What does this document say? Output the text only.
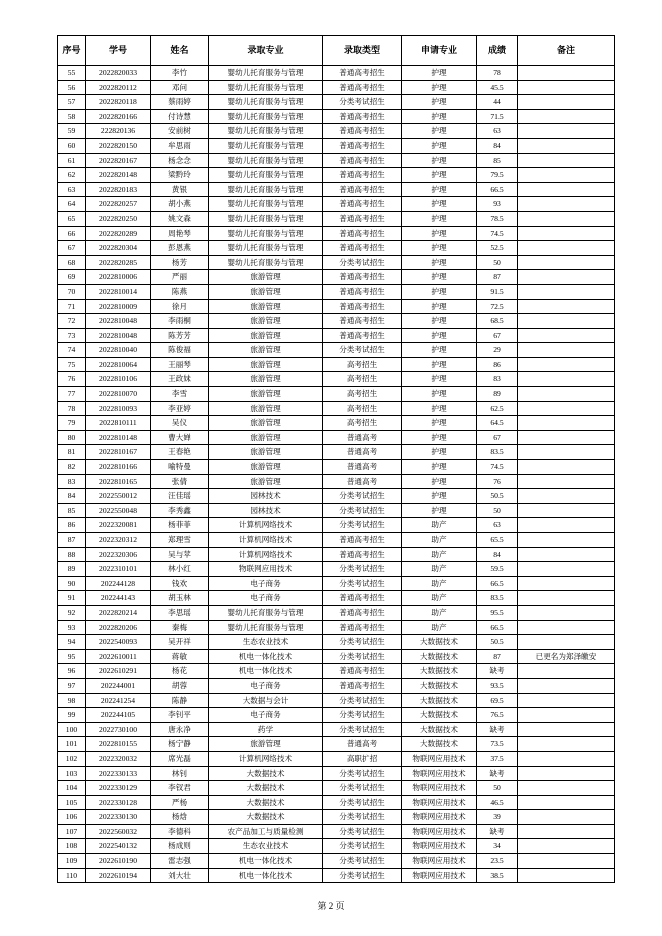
序号	学号	姓名	录取专业	录取类型	申请专业	成绩	备注
55	2022820033	李竹	婴幼儿托育服务与管理	普通高考招生	护理	78	
56	2022820112	邓问	婴幼儿托育服务与管理	普通高考招生	护理	45.5	
57	2022820118	蔡雨婷	婴幼儿托育服务与管理	分类考试招生	护理	44	
58	2022820166	付诗慧	婴幼儿托育服务与管理	普通高考招生	护理	71.5	
59	222820136	安前树	婴幼儿托育服务与管理	普通高考招生	护理	63	
60	2022820150	牟思雨	婴幼儿托育服务与管理	普通高考招生	护理	84	
61	2022820167	杨念念	婴幼儿托育服务与管理	普通高考招生	护理	85	
62	2022820148	梁黔玲	婴幼儿托育服务与管理	普通高考招生	护理	79.5	
63	2022820183	黄银	婴幼儿托育服务与管理	普通高考招生	护理	66.5	
64	2022820257	胡小燕	婴幼儿托育服务与管理	普通高考招生	护理	93	
65	2022820250	姚文森	婴幼儿托育服务与管理	普通高考招生	护理	78.5	
66	2022820289	周艳琴	婴幼儿托育服务与管理	普通高考招生	护理	74.5	
67	2022820304	彭恩燕	婴幼儿托育服务与管理	普通高考招生	护理	52.5	
68	2022820285	杨芳	婴幼儿托育服务与管理	分类考试招生	护理	50	
69	2022810006	严丽	旅游管理	普通高考招生	护理	87	
70	2022810014	陈燕	旅游管理	普通高考招生	护理	91.5	
71	2022810009	徐月	旅游管理	普通高考招生	护理	72.5	
72	2022810048	李雨桐	旅游管理	普通高考招生	护理	68.5	
73	2022810048	陈芳芳	旅游管理	普通高考招生	护理	67	
74	2022810040	陈俊福	旅游管理	分类考试招生	护理	29	
75	2022810064	王丽琴	旅游管理	高考招生	护理	86	
76	2022810106	王政妹	旅游管理	高考招生	护理	83	
77	2022810070	李雪	旅游管理	高考招生	护理	89	
78	2022810093	李亚婷	旅游管理	高考招生	护理	62.5	
79	2022810111	吴仪	旅游管理	高考招生	护理	64.5	
80	2022810148	曹大婵	旅游管理	普通高考	护理	67	
81	2022810167	王春艳	旅游管理	普通高考	护理	83.5	
82	2022810166	喻特曼	旅游管理	普通高考	护理	74.5	
83	2022810165	张倩	旅游管理	普通高考	护理	76	
84	2022550012	汪佳瑶	园林技术	分类考试招生	护理	50.5	
85	2022550048	李秀鑫	园林技术	分类考试招生	护理	50	
86	2022320081	杨菲菲	计算机网络技术	分类考试招生	助产	63	
87	2022320312	郑理雪	计算机网络技术	普通高考招生	助产	65.5	
88	2022320306	吴与苹	计算机网络技术	普通高考招生	助产	84	
89	2022310101	林小红	物联网应用技术	分类考试招生	助产	59.5	
90	202244128	钱欢	电子商务	分类考试招生	助产	66.5	
91	202244143	胡玉林	电子商务	普通高考招生	助产	83.5	
92	2022820214	李思瑶	婴幼儿托育服务与管理	普通高考招生	助产	95.5	
93	2022820206	秦梅	婴幼儿托育服务与管理	普通高考招生	助产	66.5	
94	2022540093	吴开祥	生态农业技术	分类考试招生	大数据技术	50.5	
95	2022610011	蒋敏	机电一体化技术	分类考试招生	大数据技术	87	已更名为郑泽皦安
96	2022610291	杨花	机电一体化技术	普通高考招生	大数据技术	缺考	
97	202244001	胡蓉	电子商务	普通高考招生	大数据技术	93.5	
98	202241254	陈静	大数据与会计	分类考试招生	大数据技术	69.5	
99	202244105	李钊平	电子商务	分类考试招生	大数据技术	76.5	
100	2022730100	唐永净	药学	分类考试招生	大数据技术	缺考	
101	2022810155	杨宁静	旅游管理	普通高考	大数据技术	73.5	
102	2022320032	席光磊	计算机网络技术	高职扩招	物联网应用技术	37.5	
103	2022330133	林钊	大数据技术	分类考试招生	物联网应用技术	缺考	
104	2022330129	李钗君	大数据技术	分类考试招生	物联网应用技术	50	
105	2022330128	严杨	大数据技术	分类考试招生	物联网应用技术	46.5	
106	2022330130	杨焓	大数据技术	分类考试招生	物联网应用技术	39	
107	2022560032	李德科	农产品加工与质量检测	分类考试招生	物联网应用技术	缺考	
108	2022540132	杨成则	生态农业技术	分类考试招生	物联网应用技术	34	
109	2022610190	雷志强	机电一体化技术	分类考试招生	物联网应用技术	23.5	
110	2022610194	刘大壮	机电一体化技术	分类考试招生	物联网应用技术	38.5	
第 2 页
